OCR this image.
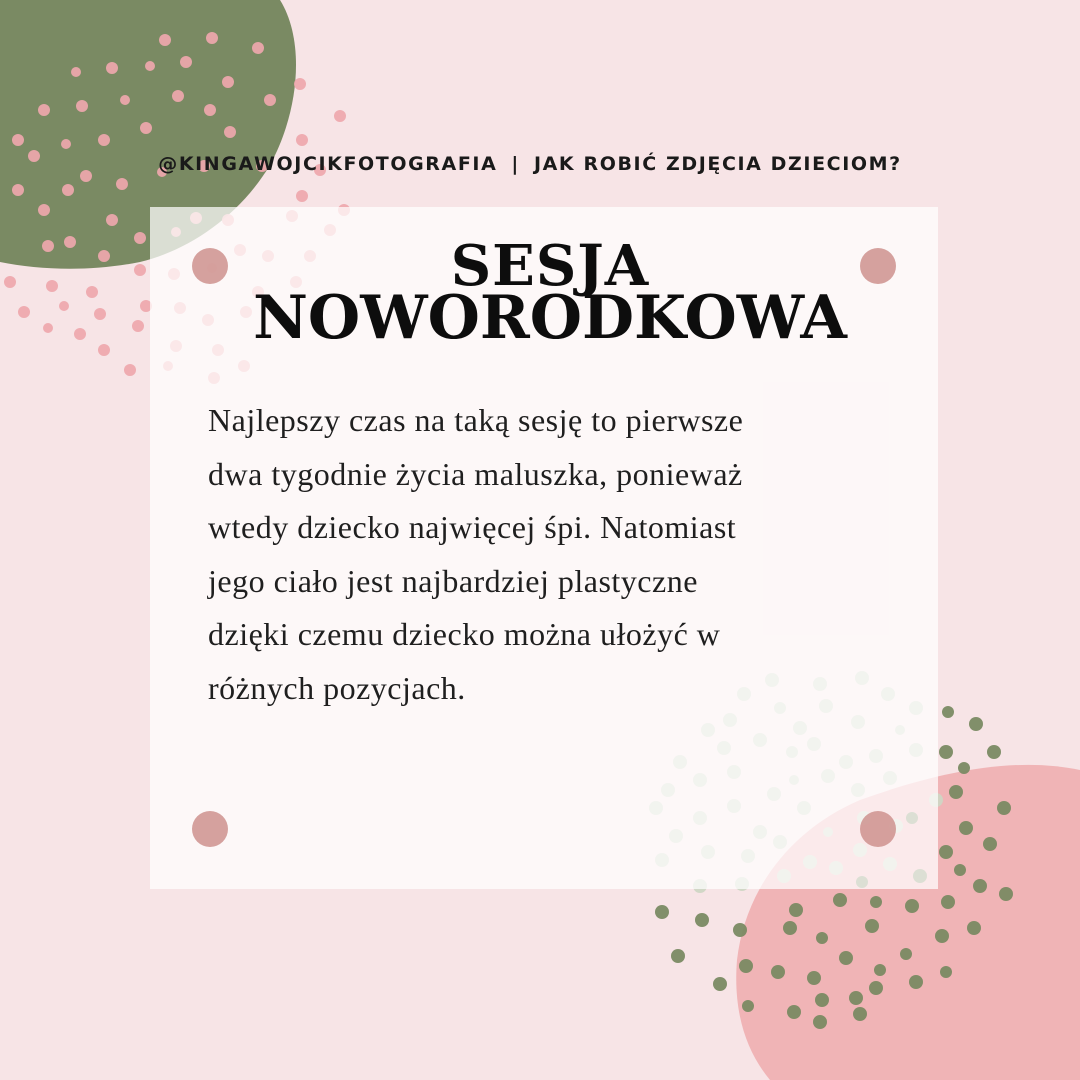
@KINGAWOJCIKFOTOGRAFIA | JAK ROBIĆ ZDJĘCIA DZIECIOM?
SESJA
NOWORODKOWA
Najlepszy czas na taką sesję to pierwsze
dwa tygodnie życia maluszka, ponieważ
wtedy dziecko najwięcej śpi. Natomiast
jego ciało jest najbardziej plastyczne
dzięki czemu dziecko można ułożyć w
różnych pozycjach.
